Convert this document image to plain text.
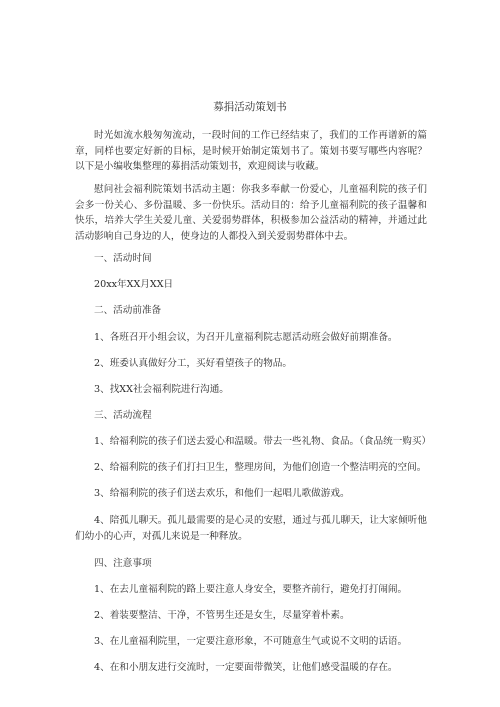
募捐活动策划书

时光如流水般匆匆流动，一段时间的工作已经结束了，我们的工作再谱新的篇章，同样也要定好新的目标，是时候开始制定策划书了。策划书要写哪些内容呢？以下是小编收集整理的募捐活动策划书，欢迎阅读与收藏。

慰问社会福利院策划书活动主题：你我多奉献一份爱心，儿童福利院的孩子们会多一份关心、多份温暖、多一份快乐。活动目的：给予儿童福利院的孩子温馨和快乐，培养大学生关爱儿童、关爱弱势群体，积极参加公益活动的精神，并通过此活动影响自己身边的人，使身边的人都投入到关爱弱势群体中去。

一、活动时间
20xx年XX月XX日
二、活动前准备
1、各班召开小组会议，为召开儿童福利院志愿活动班会做好前期准备。
2、班委认真做好分工，买好看望孩子的物品。
3、找XX社会福利院进行沟通。
三、活动流程
1、给福利院的孩子们送去爱心和温暖。带去一些礼物、食品。（食品统一购买）
2、给福利院的孩子们打扫卫生，整理房间，为他们创造一个整洁明亮的空间。
3、给福利院的孩子们送去欢乐，和他们一起唱儿歌做游戏。

4、陪孤儿聊天。孤儿最需要的是心灵的安慰，通过与孤儿聊天，让大家倾听他们幼小的心声，对孤儿来说是一种释放。

四、注意事项
1、在去儿童福利院的路上要注意人身安全，要整齐前行，避免打打闹闹。
2、着装要整洁、干净，不管男生还是女生，尽量穿着朴素。
3、在儿童福利院里，一定要注意形象，不可随意生气或说不文明的话语。
4、在和小朋友进行交流时，一定要面带微笑，让他们感受温暖的存在。
